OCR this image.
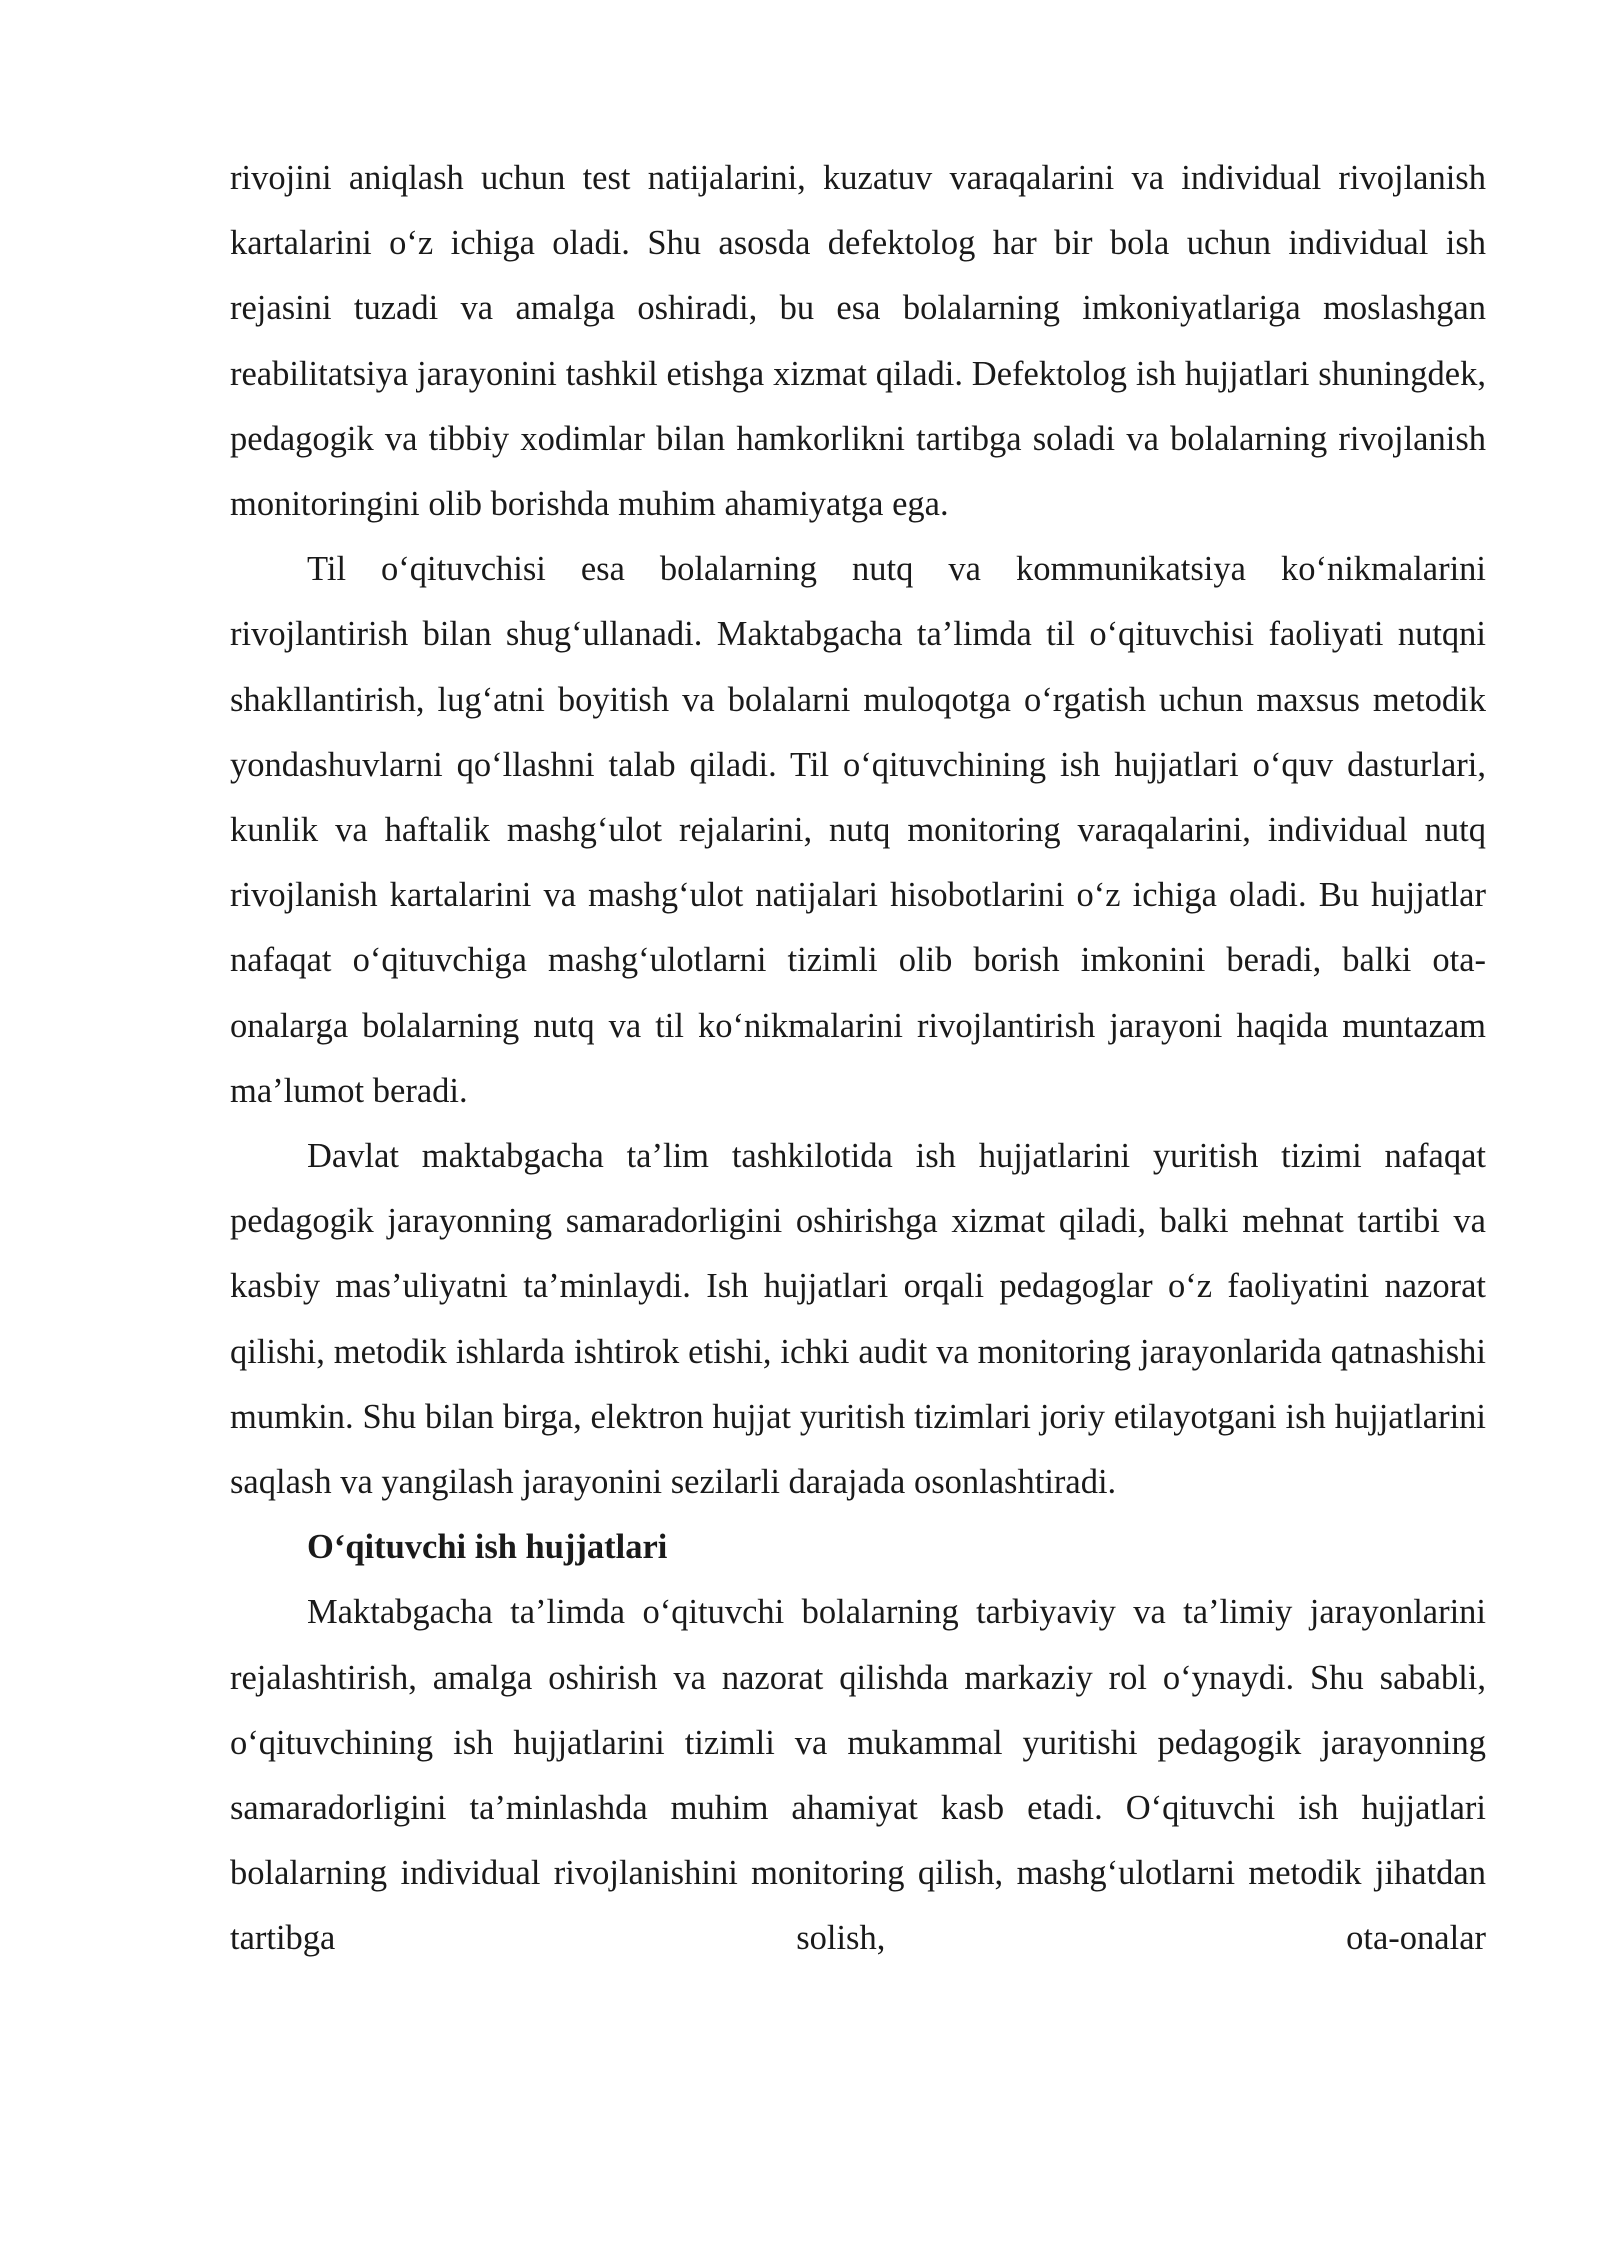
rivojini aniqlash uchun test natijalarini, kuzatuv varaqalarini va individual rivojlanish kartalarini o‘z ichiga oladi. Shu asosda defektolog har bir bola uchun individual ish rejasini tuzadi va amalga oshiradi, bu esa bolalarning imkoniyatlariga moslashgan reabilitatsiya jarayonini tashkil etishga xizmat qiladi. Defektolog ish hujjatlari shuningdek, pedagogik va tibbiy xodimlar bilan hamkorlikni tartibga soladi va bolalarning rivojlanish monitoringini olib borishda muhim ahamiyatga ega.

Til o‘qituvchisi esa bolalarning nutq va kommunikatsiya ko‘nikmalarini rivojlantirish bilan shug‘ullanadi. Maktabgacha ta’limda til o‘qituvchisi faoliyati nutqni shakllantirish, lug‘atni boyitish va bolalarni muloqotga o‘rgatish uchun maxsus metodik yondashuvlarni qo‘llashni talab qiladi. Til o‘qituvchining ish hujjatlari o‘quv dasturlari, kunlik va haftalik mashg‘ulot rejalarini, nutq monitoring varaqalarini, individual nutq rivojlanish kartalarini va mashg‘ulot natijalari hisobotlarini o‘z ichiga oladi. Bu hujjatlar nafaqat o‘qituvchiga mashg‘ulotlarni tizimli olib borish imkonini beradi, balki ota-onalarga bolalarning nutq va til ko‘nikmalarini rivojlantirish jarayoni haqida muntazam ma’lumot beradi.

Davlat maktabgacha ta’lim tashkilotida ish hujjatlarini yuritish tizimi nafaqat pedagogik jarayonning samaradorligini oshirishga xizmat qiladi, balki mehnat tartibi va kasbiy mas’uliyatni ta’minlaydi. Ish hujjatlari orqali pedagoglar o‘z faoliyatini nazorat qilishi, metodik ishlarda ishtirok etishi, ichki audit va monitoring jarayonlarida qatnashishi mumkin. Shu bilan birga, elektron hujjat yuritish tizimlari joriy etilayotgani ish hujjatlarini saqlash va yangilash jarayonini sezilarli darajada osonlashtiradi.

O‘qituvchi ish hujjatlari

Maktabgacha ta’limda o‘qituvchi bolalarning tarbiyaviy va ta’limiy jarayonlarini rejalashtirish, amalga oshirish va nazorat qilishda markaziy rol o‘ynaydi. Shu sababli, o‘qituvchining ish hujjatlarini tizimli va mukammal yuritishi pedagogik jarayonning samaradorligini ta’minlashda muhim ahamiyat kasb etadi. O‘qituvchi ish hujjatlari bolalarning individual rivojlanishini monitoring qilish, mashg‘ulotlarni metodik jihatdan tartibga solish, ota-onalar
